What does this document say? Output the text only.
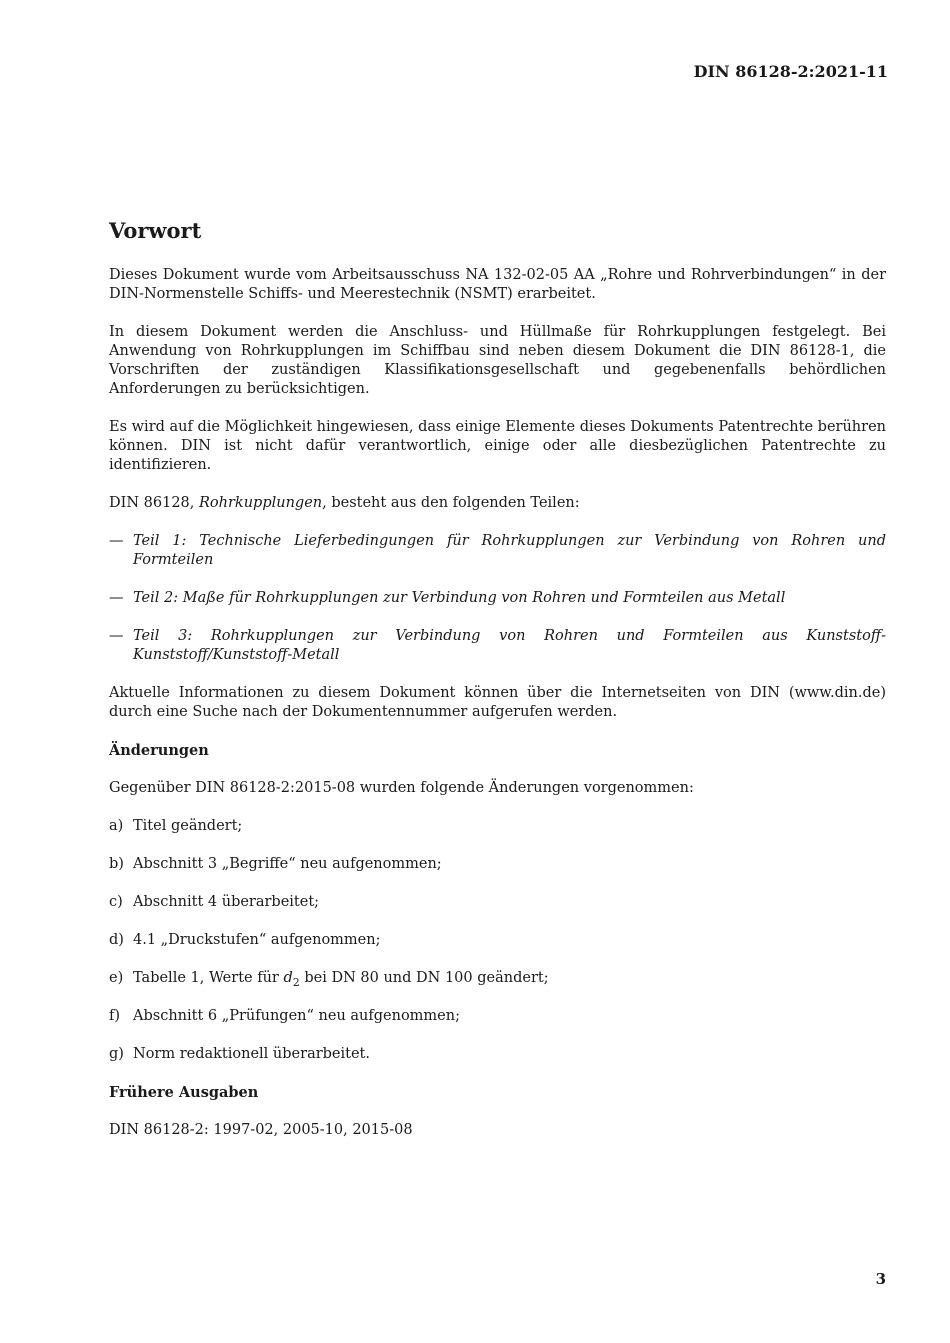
DIN 86128-2:2021-11
Vorwort

Dieses Dokument wurde vom Arbeitsausschuss NA 132-02-05 AA „Rohre und Rohrverbindungen“ in der DIN-Normenstelle Schiffs- und Meerestechnik (NSMT) erarbeitet.

In diesem Dokument werden die Anschluss- und Hüllmaße für Rohrkupplungen festgelegt. Bei Anwendung von Rohrkupplungen im Schiffbau sind neben diesem Dokument die DIN 86128-1, die Vorschriften der zuständigen Klassifikationsgesellschaft und gegebenenfalls behördlichen Anforderungen zu berücksichtigen.

Es wird auf die Möglichkeit hingewiesen, dass einige Elemente dieses Dokuments Patentrechte berühren können. DIN ist nicht dafür verantwortlich, einige oder alle diesbezüglichen Patentrechte zu identifizieren.

DIN 86128, Rohrkupplungen, besteht aus den folgenden Teilen:

— Teil 1: Technische Lieferbedingungen für Rohrkupplungen zur Verbindung von Rohren und Formteilen
— Teil 2: Maße für Rohrkupplungen zur Verbindung von Rohren und Formteilen aus Metall
— Teil 3: Rohrkupplungen zur Verbindung von Rohren und Formteilen aus Kunststoff-Kunststoff/Kunststoff-Metall

Aktuelle Informationen zu diesem Dokument können über die Internetseiten von DIN (www.din.de) durch eine Suche nach der Dokumentennummer aufgerufen werden.

Änderungen

Gegenüber DIN 86128-2:2015-08 wurden folgende Änderungen vorgenommen:

a) Titel geändert;
b) Abschnitt 3 „Begriffe“ neu aufgenommen;
c) Abschnitt 4 überarbeitet;
d) 4.1 „Druckstufen“ aufgenommen;
e) Tabelle 1, Werte für $d_2$ bei DN 80 und DN 100 geändert;
f) Abschnitt 6 „Prüfungen“ neu aufgenommen;
g) Norm redaktionell überarbeitet.
Frühere Ausgaben

DIN 86128-2: 1997-02, 2005-10, 2015-08

3
